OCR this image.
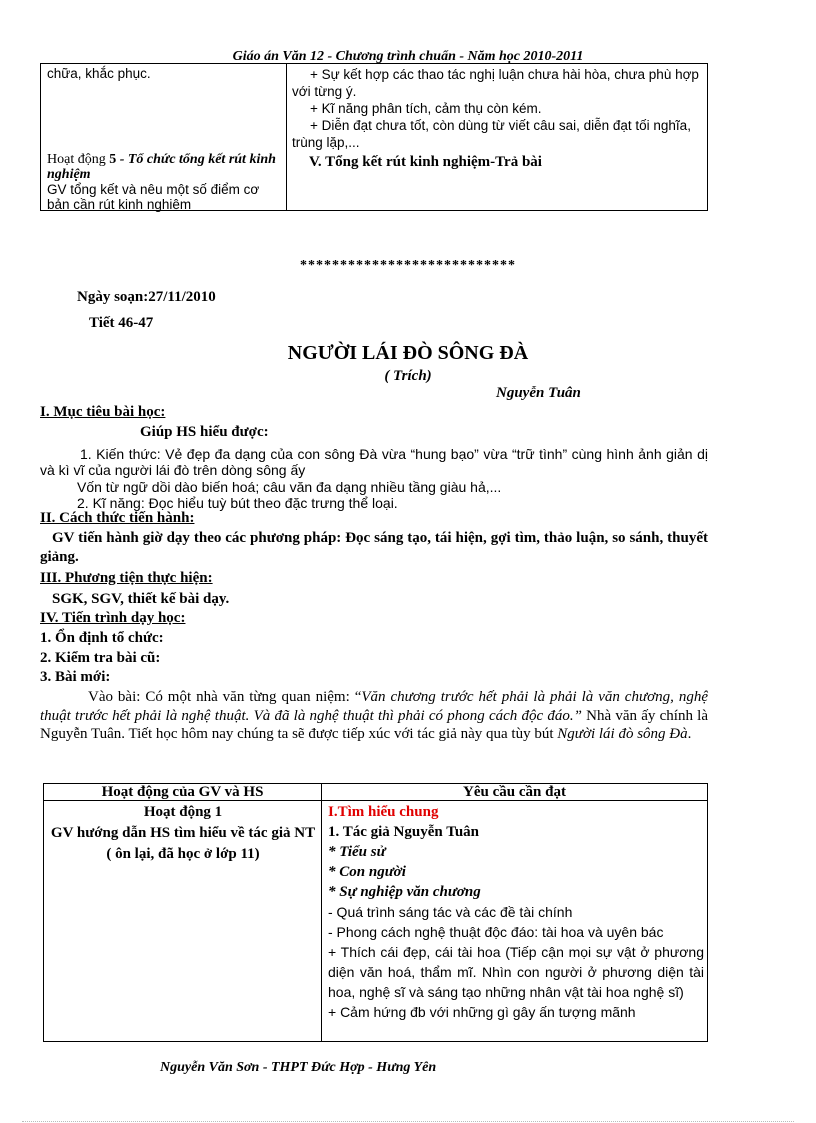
Giáo án Văn 12 - Chương trình chuẩn - Năm học 2010-2011
chữa, khắc phục.
Hoạt động 5 - Tổ chức tổng kết rút kinh nghiệm
GV tổng kết và nêu một số điểm cơ bản cần rút kinh nghiệm
+ Sự kết hợp các thao tác nghị luận chưa hài hòa, chưa phù hợp với từng ý.
+ Kĩ năng phân tích, cảm thụ còn kém.
+ Diễn đạt chưa tốt, còn dùng từ viết câu sai, diễn đạt tối nghĩa, trùng lặp,...
V. Tổng kết rút kinh nghiệm-Trả bài
***************************
Ngày soạn:27/11/2010
Tiết 46-47
NGƯỜI LÁI ĐÒ SÔNG ĐÀ
( Trích)
Nguyễn Tuân
I. Mục tiêu bài học:
Giúp HS hiểu được:
1. Kiến thức: Vẻ đẹp đa dạng của con sông Đà vừa “hung bạo” vừa “trữ tình” cùng hình ảnh giản dị và kì vĩ của người lái đò trên dòng sông ấy
Vốn từ ngữ dồi dào biến hoá; câu văn đa dạng nhiều tầng giàu hả,...
2. Kĩ năng: Đọc hiểu tuỳ bút theo đặc trưng thể loại.
II. Cách thức tiến hành:
GV tiến hành giờ dạy theo các phương pháp: Đọc sáng tạo, tái hiện, gợi tìm, thảo luận, so sánh, thuyết giảng.
III. Phương tiện thực hiện:
SGK, SGV, thiết kế bài dạy.
IV. Tiến trình dạy học:
1. Ổn định tổ chức:
2. Kiểm tra bài cũ:
3. Bài mới:
Vào bài: Có một nhà văn từng quan niệm: “Văn chương trước hết phải là phải là văn chương, nghệ thuật trước hết phải là nghệ thuật. Và đã là nghệ thuật thì phải có phong cách độc đáo.” Nhà văn ấy chính là Nguyễn Tuân. Tiết học hôm nay chúng ta sẽ được tiếp xúc với tác giả này qua tùy bút Người lái đò sông Đà.
Hoạt động của GV và HS	Yêu cầu cần đạt
Hoạt động 1
GV hướng dẫn HS tìm hiểu về tác giả NT ( ôn lại, đã học ở lớp 11)
I.Tìm hiểu chung
1. Tác giả Nguyễn Tuân
* Tiểu sử
* Con người
* Sự nghiệp văn chương
- Quá trình sáng tác và các đề tài chính
- Phong cách nghệ thuật độc đáo: tài hoa và uyên bác
+ Thích cái đẹp, cái tài hoa (Tiếp cận mọi sự vật ở phương diện văn hoá, thẩm mĩ. Nhìn con người ở phương diện tài hoa, nghệ sĩ và sáng tạo những nhân vật tài hoa nghệ sĩ)
+ Cảm hứng đb với những gì gây ấn tượng mãnh
Nguyễn Văn Sơn - THPT Đức Hợp - Hưng Yên
